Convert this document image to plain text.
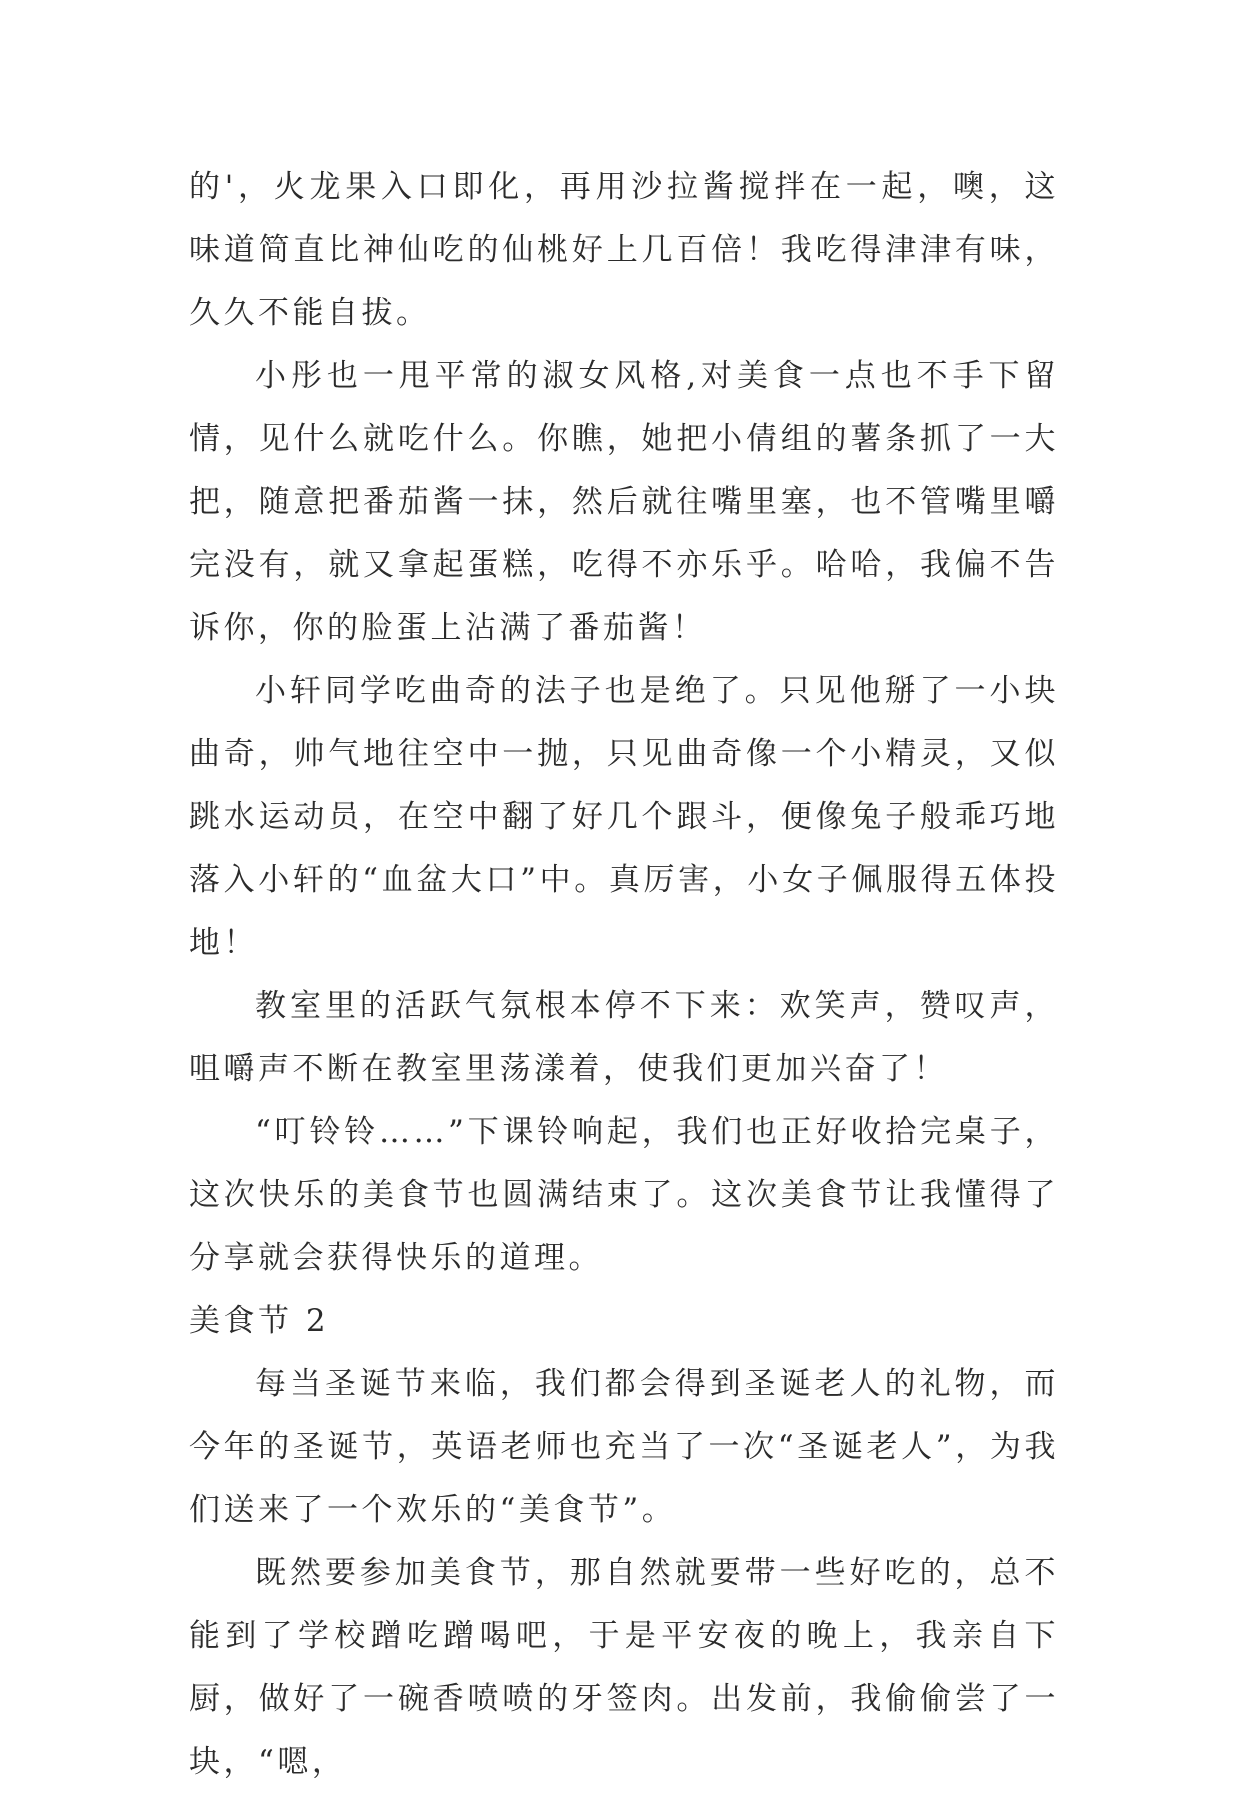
的'，火龙果入口即化，再用沙拉酱搅拌在一起，噢，这味道简直比神仙吃的仙桃好上几百倍！我吃得津津有味，久久不能自拔。

小彤也一甩平常的淑女风格,对美食一点也不手下留情，见什么就吃什么。你瞧，她把小倩组的薯条抓了一大把，随意把番茄酱一抹，然后就往嘴里塞，也不管嘴里嚼完没有，就又拿起蛋糕，吃得不亦乐乎。哈哈，我偏不告诉你，你的脸蛋上沾满了番茄酱！

小轩同学吃曲奇的法子也是绝了。只见他掰了一小块曲奇，帅气地往空中一抛，只见曲奇像一个小精灵，又似跳水运动员，在空中翻了好几个跟斗，便像兔子般乖巧地落入小轩的“血盆大口”中。真厉害，小女子佩服得五体投地！

教室里的活跃气氛根本停不下来：欢笑声，赞叹声，咀嚼声不断在教室里荡漾着，使我们更加兴奋了！

“叮铃铃……”下课铃响起，我们也正好收拾完桌子，这次快乐的美食节也圆满结束了。这次美食节让我懂得了分享就会获得快乐的道理。

美食节 2

每当圣诞节来临，我们都会得到圣诞老人的礼物，而今年的圣诞节，英语老师也充当了一次“圣诞老人”，为我们送来了一个欢乐的“美食节”。

既然要参加美食节，那自然就要带一些好吃的，总不能到了学校蹭吃蹭喝吧，于是平安夜的晚上，我亲自下厨，做好了一碗香喷喷的牙签肉。出发前，我偷偷尝了一块，“嗯，
